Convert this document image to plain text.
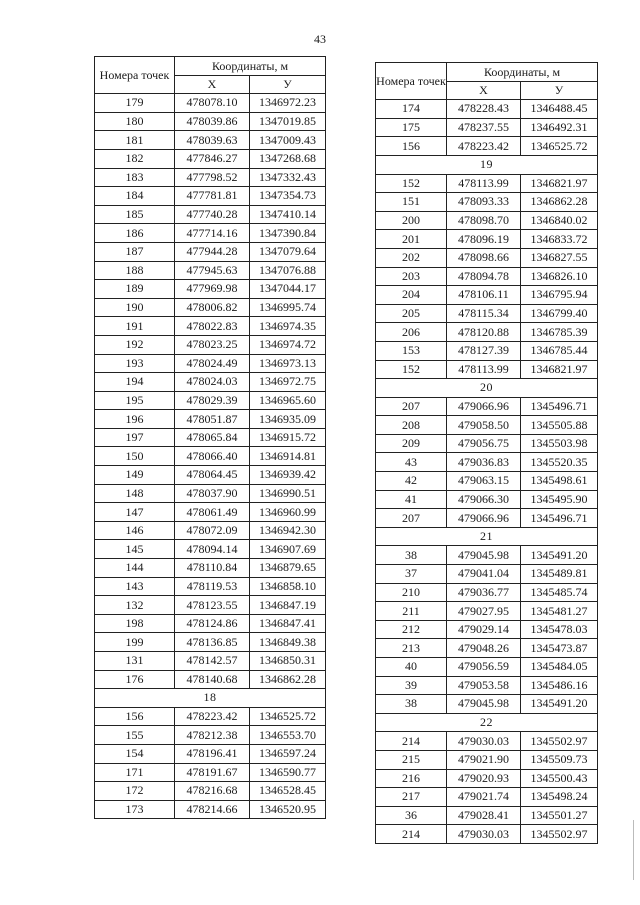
43
Номера точек	Координаты, м	
	X	У
179	478078.10	1346972.23
180	478039.86	1347019.85
181	478039.63	1347009.43
182	477846.27	1347268.68
183	477798.52	1347332.43
184	477781.81	1347354.73
185	477740.28	1347410.14
186	477714.16	1347390.84
187	477944.28	1347079.64
188	477945.63	1347076.88
189	477969.98	1347044.17
190	478006.82	1346995.74
191	478022.83	1346974.35
192	478023.25	1346974.72
193	478024.49	1346973.13
194	478024.03	1346972.75
195	478029.39	1346965.60
196	478051.87	1346935.09
197	478065.84	1346915.72
150	478066.40	1346914.81
149	478064.45	1346939.42
148	478037.90	1346990.51
147	478061.49	1346960.99
146	478072.09	1346942.30
145	478094.14	1346907.69
144	478110.84	1346879.65
143	478119.53	1346858.10
132	478123.55	1346847.19
198	478124.86	1346847.41
199	478136.85	1346849.38
131	478142.57	1346850.31
176	478140.68	1346862.28
18		
156	478223.42	1346525.72
155	478212.38	1346553.70
154	478196.41	1346597.24
171	478191.67	1346590.77
172	478216.68	1346528.45
173	478214.66	1346520.95
Номера точек	Координаты, м	
	X	У
174	478228.43	1346488.45
175	478237.55	1346492.31
156	478223.42	1346525.72
19		
152	478113.99	1346821.97
151	478093.33	1346862.28
200	478098.70	1346840.02
201	478096.19	1346833.72
202	478098.66	1346827.55
203	478094.78	1346826.10
204	478106.11	1346795.94
205	478115.34	1346799.40
206	478120.88	1346785.39
153	478127.39	1346785.44
152	478113.99	1346821.97
20		
207	479066.96	1345496.71
208	479058.50	1345505.88
209	479056.75	1345503.98
43	479036.83	1345520.35
42	479063.15	1345498.61
41	479066.30	1345495.90
207	479066.96	1345496.71
21		
38	479045.98	1345491.20
37	479041.04	1345489.81
210	479036.77	1345485.74
211	479027.95	1345481.27
212	479029.14	1345478.03
213	479048.26	1345473.87
40	479056.59	1345484.05
39	479053.58	1345486.16
38	479045.98	1345491.20
22		
214	479030.03	1345502.97
215	479021.90	1345509.73
216	479020.93	1345500.43
217	479021.74	1345498.24
36	479028.41	1345501.27
214	479030.03	1345502.97
